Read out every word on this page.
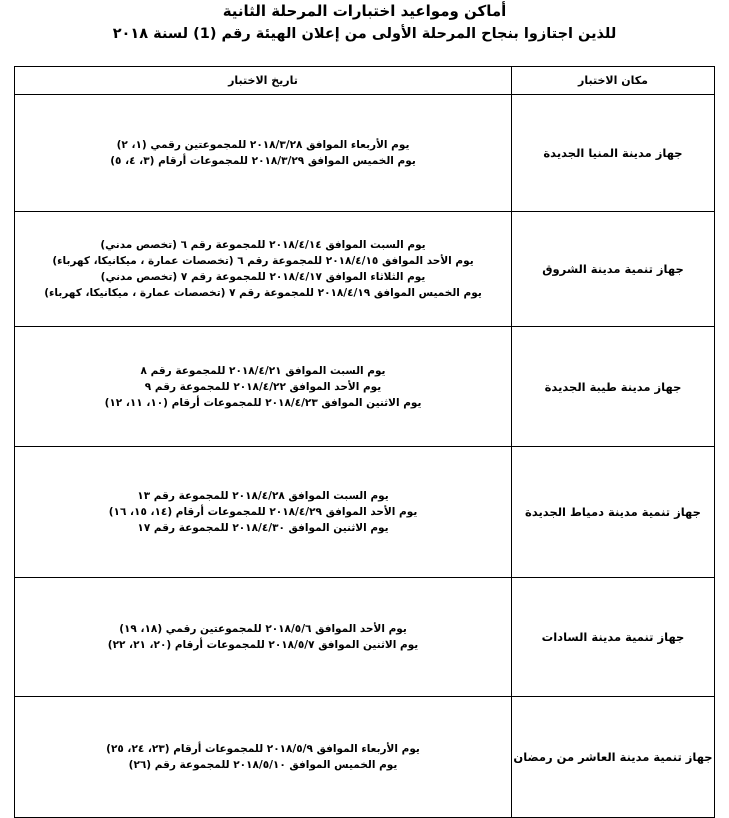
أماكن ومواعيد اختبارات المرحلة الثانية
للذين اجتازوا بنجاح المرحلة الأولى من إعلان الهيئة رقم (1) لسنة ٢٠١٨
مكان الاختبار	تاريخ الاختبار
جهاز مدينة المنيا الجديدة	يوم الأربعاء الموافق ٢٠١٨/٣/٢٨ للمجموعتين رقمي (١، ٢)
يوم الخميس الموافق ٢٠١٨/٣/٢٩ للمجموعات أرقام (٣، ٤، ٥)

جهاز تنمية مدينة الشروق	يوم السبت الموافق ٢٠١٨/٤/١٤ للمجموعة رقم ٦ (تخصص مدني)
يوم الأحد الموافق ٢٠١٨/٤/١٥ للمجموعة رقم ٦ (تخصصات عمارة ، ميكانيكا، كهرباء)
يوم الثلاثاء الموافق ٢٠١٨/٤/١٧ للمجموعة رقم ٧ (تخصص مدني)
يوم الخميس الموافق ٢٠١٨/٤/١٩ للمجموعة رقم ٧ (تخصصات عمارة ، ميكانيكا، كهرباء)

جهاز مدينة طيبة الجديدة	يوم السبت الموافق ٢٠١٨/٤/٢١ للمجموعة رقم ٨
يوم الأحد الموافق ٢٠١٨/٤/٢٢ للمجموعة رقم ٩
يوم الاثنين الموافق ٢٠١٨/٤/٢٣ للمجموعات أرقام (١٠، ١١، ١٢)

جهاز تنمية مدينة دمياط الجديدة	يوم السبت الموافق ٢٠١٨/٤/٢٨ للمجموعة رقم ١٣
يوم الأحد الموافق ٢٠١٨/٤/٢٩ للمجموعات أرقام (١٤، ١٥، ١٦)
يوم الاثنين الموافق ٢٠١٨/٤/٣٠ للمجموعة رقم ١٧

جهاز تنمية مدينة السادات	يوم الأحد الموافق ٢٠١٨/٥/٦ للمجموعتين رقمي (١٨، ١٩)
يوم الاثنين الموافق ٢٠١٨/٥/٧ للمجموعات أرقام (٢٠، ٢١، ٢٢)

جهاز تنمية مدينة العاشر من رمضان	يوم الأربعاء الموافق ٢٠١٨/٥/٩ للمجموعات أرقام (٢٣، ٢٤، ٢٥)
يوم الخميس الموافق ٢٠١٨/٥/١٠ للمجموعة رقم (٢٦)
